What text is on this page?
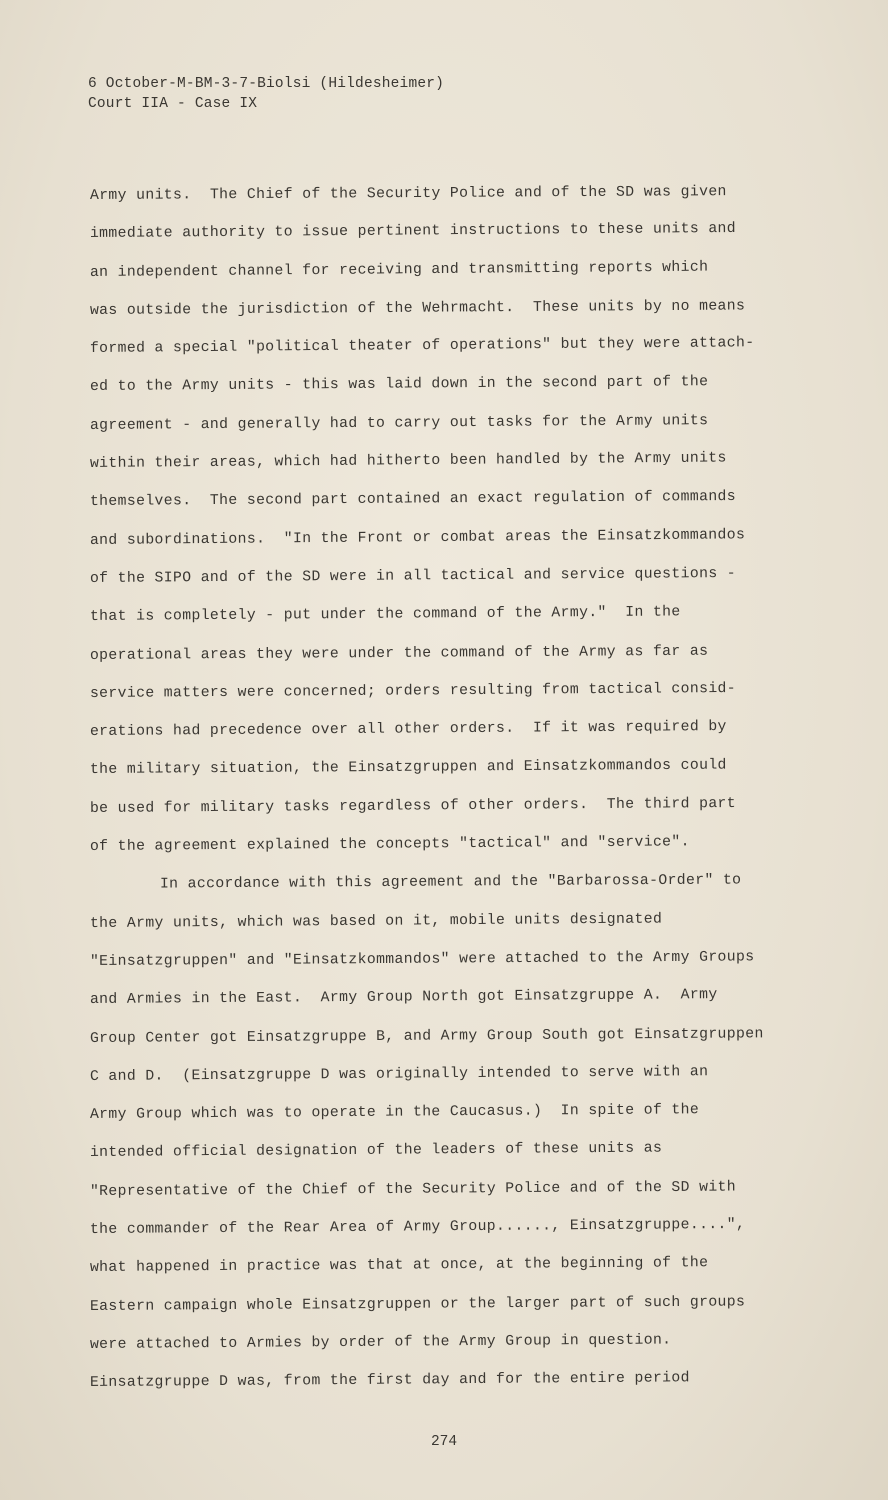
6 October-M-BM-3-7-Biolsi (Hildesheimer)
Court IIA - Case IX
Army units.  The Chief of the Security Police and of the SD was given
immediate authority to issue pertinent instructions to these units and
an independent channel for receiving and transmitting reports which
was outside the jurisdiction of the Wehrmacht.  These units by no means
formed a special "political theater of operations" but they were attach-
ed to the Army units - this was laid down in the second part of the
agreement - and generally had to carry out tasks for the Army units
within their areas, which had hitherto been handled by the Army units
themselves.  The second part contained an exact regulation of commands
and subordinations.  "In the Front or combat areas the Einsatzkommandos
of the SIPO and of the SD were in all tactical and service questions -
that is completely - put under the command of the Army."  In the
operational areas they were under the command of the Army as far as
service matters were concerned; orders resulting from tactical consid-
erations had precedence over all other orders.  If it was required by
the military situation, the Einsatzgruppen and Einsatzkommandos could
be used for military tasks regardless of other orders.  The third part
of the agreement explained the concepts "tactical" and "service".
In accordance with this agreement and the "Barbarossa-Order" to
the Army units, which was based on it, mobile units designated
"Einsatzgruppen" and "Einsatzkommandos" were attached to the Army Groups
and Armies in the East.  Army Group North got Einsatzgruppe A.  Army
Group Center got Einsatzgruppe B, and Army Group South got Einsatzgruppen
C and D.  (Einsatzgruppe D was originally intended to serve with an
Army Group which was to operate in the Caucasus.)  In spite of the
intended official designation of the leaders of these units as
"Representative of the Chief of the Security Police and of the SD with
the commander of the Rear Area of Army Group......, Einsatzgruppe....",
what happened in practice was that at once, at the beginning of the
Eastern campaign whole Einsatzgruppen or the larger part of such groups
were attached to Armies by order of the Army Group in question.
Einsatzgruppe D was, from the first day and for the entire period
274
